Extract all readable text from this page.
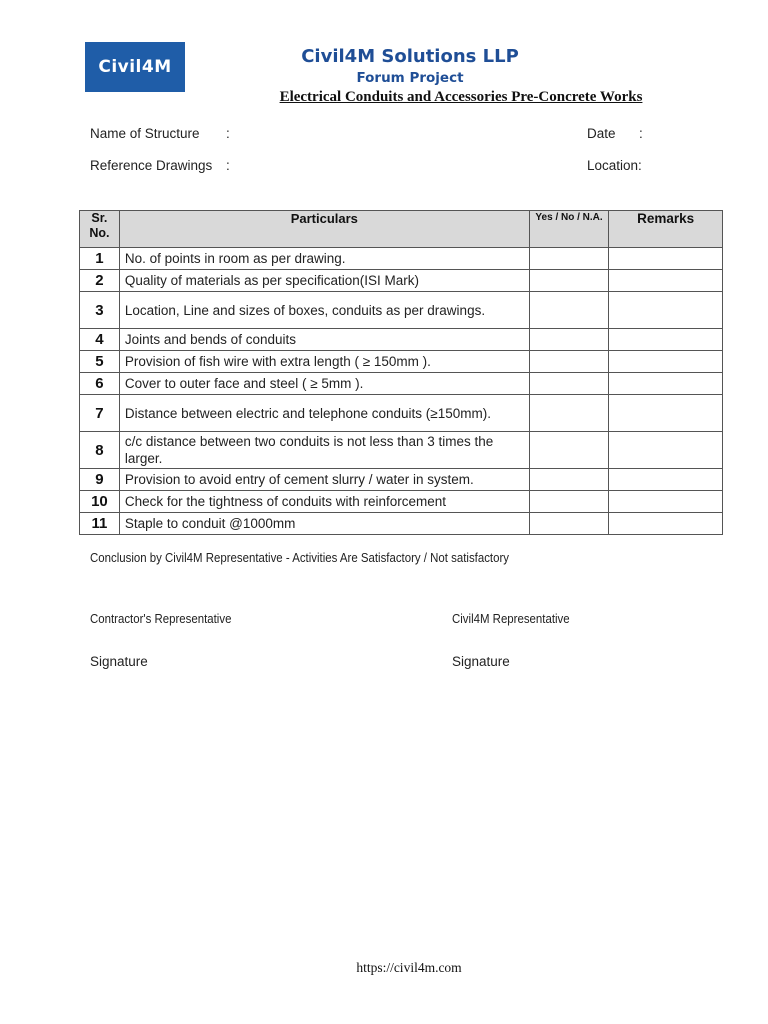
Civil4M	Civil4M Solutions LLP
Forum Project
Electrical Conduits and Accessories Pre-Concrete Works
Name of Structure :
Reference Drawings :
Date :
Location:
Sr. No.	Particulars	Yes / No / N.A.	Remarks
1	No. of points in room as per drawing.		
2	Quality of materials as per specification(ISI Mark)		
3	Location, Line and sizes of boxes, conduits as per drawings.		
4	Joints and bends of conduits		
5	Provision of fish wire with extra length ( ≥ 150mm ).		
6	Cover to outer face and steel ( ≥ 5mm ).		
7	Distance between electric and telephone conduits (≥150mm).		
8	c/c distance between two conduits is not less than 3 times the larger.		
9	Provision to avoid entry of cement slurry / water in system.		
10	Check for the tightness of conduits with reinforcement		
11	Staple to conduit @1000mm		
Conclusion by Civil4M Representative - Activities Are Satisfactory / Not satisfactory
Contractor's Representative	Civil4M Representative
Signature	Signature
https://civil4m.com
